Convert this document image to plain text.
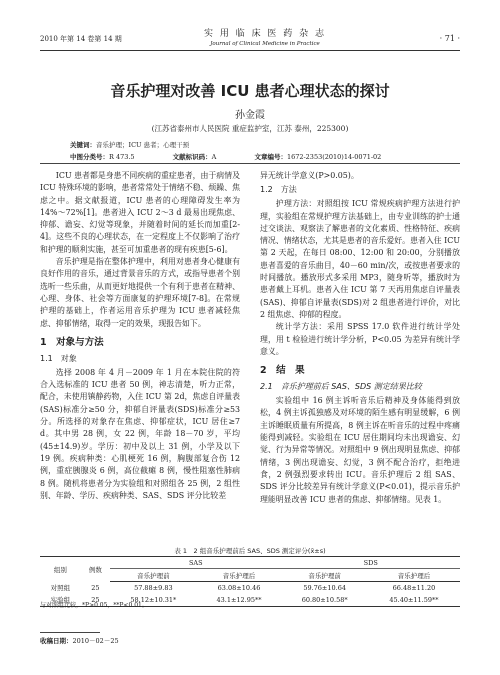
2010 年第 14 卷第 14 期	实 用 临 床 医 药 杂 志
Journal of Clinical Medicine in Practice
· 71 ·
音乐护理对改善 ICU 患者心理状态的探讨
孙金霞
(江苏省泰州市人民医院 重症监护室，江苏 泰州，225300)
关键词：音乐护理；ICU 患者；心理干预
中图分类号：R 473.5	文献标识码：A	文章编号：1672-2353(2010)14-0071-02

ICU 患者都是身患不同疾病的重症患者，由于病情及 ICU 特殊环境的影响，患者常常处于情绪不稳、烦躁、焦虑之中。据文献报道，ICU 患者的心理障碍发生率为 14%～72%[1]。患者进入 ICU 2～3 d 最易出现焦虑、抑郁、谵妄、幻觉等现象，并随着时间的延长而加重[2-4]。这些不良的心理状态，在一定程度上不仅影响了治疗和护理的顺利实施，甚至可加重患者的现有疾患[5-6]。

音乐护理是指在整体护理中，利用对患者身心健康有良好作用的音乐，通过背景音乐的方式，或指导患者个别选听一些乐曲，从而更好地提供一个有利于患者在精神、心理、身体、社会等方面康复的护理环境[7-8]。在常规护理的基础上，作者运用音乐护理为 ICU 患者减轻焦虑、抑郁情绪，取得一定的效果，现报告如下。

1　对象与方法
1.1　对象

选择 2008 年 4 月－2009 年 1 月在本院住院的符合入选标准的 ICU 患者 50 例，神志清楚，听力正常，配合，未使用镇静药物，入住 ICU 第 2d，焦虑自评量表(SAS)标准分≥50 分，抑郁自评量表(SDS)标准分≥53 分。所选择的对象存在焦虑、抑郁症状，ICU 居住≥7 d。其中男 28 例，女 22 例，年龄 18－70 岁，平均(45±14.9)岁。学历：初中及以上 31 例，小学及以下 19 例。疾病种类：心肌梗死 16 例，胸腹部复合伤 12 例，重症胰腺炎 6 例，高位截瘫 8 例，慢性阻塞性肺病 8 例。随机将患者分为实验组和对照组各 25 例，2 组性别、年龄、学历、疾病种类、SAS、SDS 评分比较差

异无统计学意义(P>0.05)。

1.2　方法

护理方法：对照组按 ICU 常规疾病护理方法进行护理，实验组在常规护理方法基础上，由专业训练的护士通过交谈法、观察法了解患者的文化素质、性格特征、疾病情况、情绪状态，尤其是患者的音乐爱好。患者入住 ICU 第 2 天起，在每日 08:00、12:00 和 20:00，分别播放患者喜爱的音乐曲目，40－60 min/次，或按患者要求的时间播放。播放形式多采用 MP3，随身听等，播放时为患者戴上耳机。患者入住 ICU 第 7 天再用焦虑自评量表(SAS)、抑郁自评量表(SDS)对 2 组患者进行评价，对比 2 组焦虑、抑郁的程度。

统计学方法：采用 SPSS 17.0 软件进行统计学处理，用 t 检验进行统计学分析，P<0.05 为差异有统计学意义。

2　结　果
2.1　音乐护理前后 SAS、SDS 测定结果比较

实验组中 16 例主诉听音乐后精神及身体能得到放松，4 例主诉孤独感及对环境的陌生感有明显缓解，6 例主诉睡眠质量有所提高，8 例主诉在听音乐的过程中疼痛能得到减轻。实验组在 ICU 居住期间均未出现谵妄、幻觉、行为异常等情况。对照组中 9 例出现明显焦虑、抑郁情绪，3 例出现谵妄、幻觉，3 例不配合治疗，拒绝进食，2 例强烈要求转出 ICU。音乐护理后 2 组 SAS、SDS 评分比较差异有统计学意义(P<0.01)，提示音乐护理能明显改善 ICU 患者的焦虑、抑郁情绪。见表 1。

表 1　2 组音乐护理前后 SAS、SDS 测定评分(x̄±s)
组别	例数	SAS		SDS	
		音乐护理前	音乐护理后	音乐护理前	音乐护理后
对照组	25	57.88±9.83	63.08±10.46	59.76±10.64	66.48±11.20
实验组	25	58.12±10.31*	43.1±12.95**	60.80±10.58*	45.40±11.59**
与对照组比较，*P>0.05，**P<0.01。
收稿日期：2010－02－25
